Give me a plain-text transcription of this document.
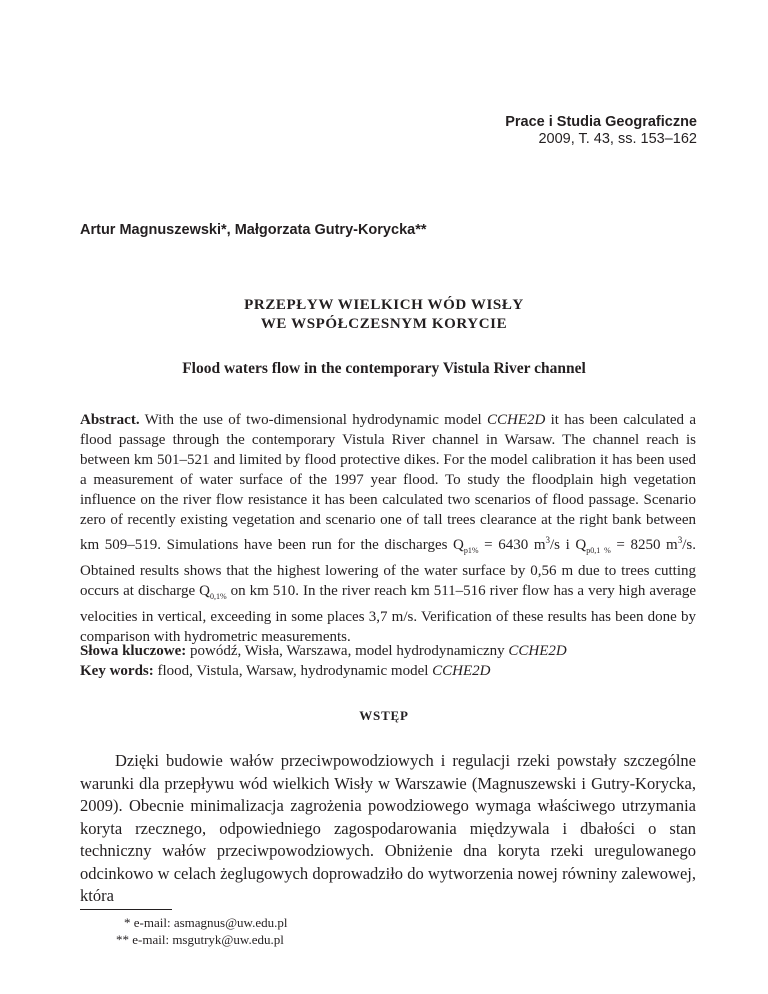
Prace i Studia Geograficzne
2009, T. 43, ss. 153–162
Artur Magnuszewski*, Małgorzata Gutry-Korycka**
PRZEPŁYW WIELKICH WÓD WISŁY
WE WSPÓŁCZESNYM KORYCIE
Flood waters flow in the contemporary Vistula River channel

Abstract. With the use of two-dimensional hydrodynamic model CCHE2D it has been calculated a flood passage through the contemporary Vistula River channel in Warsaw. The channel reach is between km 501–521 and limited by flood protective dikes. For the model calibration it has been used a measurement of water surface of the 1997 year flood. To study the floodplain high vegetation influence on the river flow resistance it has been calculated two scenarios of flood passage. Scenario zero of recently existing vegetation and scenario one of tall trees clearance at the right bank between km 509–519. Simulations have been run for the discharges $Q_{p1\%} = 6430$ $m^3/s$ i $Q_{p0,1 \%} = 8250$ $m^3/s$. Obtained results shows that the highest lowering of the water surface by 0,56 m due to trees cutting occurs at discharge $Q_{0,1\%}$ on km 510. In the river reach km 511–516 river flow has a very high average velocities in vertical, exceeding in some places 3,7 m/s. Verification of these results has been done by comparison with hydrometric measurements.

Słowa kluczowe: powódź, Wisła, Warszawa, model hydrodynamiczny CCHE2D
Key words: flood, Vistula, Warsaw, hydrodynamic model CCHE2D
WSTĘP

Dzięki budowie wałów przeciwpowodziowych i regulacji rzeki powstały szczególne warunki dla przepływu wód wielkich Wisły w Warszawie (Magnuszewski i Gutry-Korycka, 2009). Obecnie minimalizacja zagrożenia powodziowego wymaga właściwego utrzymania koryta rzecznego, odpowiedniego zagospodarowania międzywala i dbałości o stan techniczny wałów przeciwpowodziowych. Obniżenie dna koryta rzeki uregulowanego odcinkowo w celach żeglugowych doprowadziło do wytworzenia nowej równiny zalewowej, która

* e-mail: asmagnus@uw.edu.pl
** e-mail: msgutryk@uw.edu.pl
